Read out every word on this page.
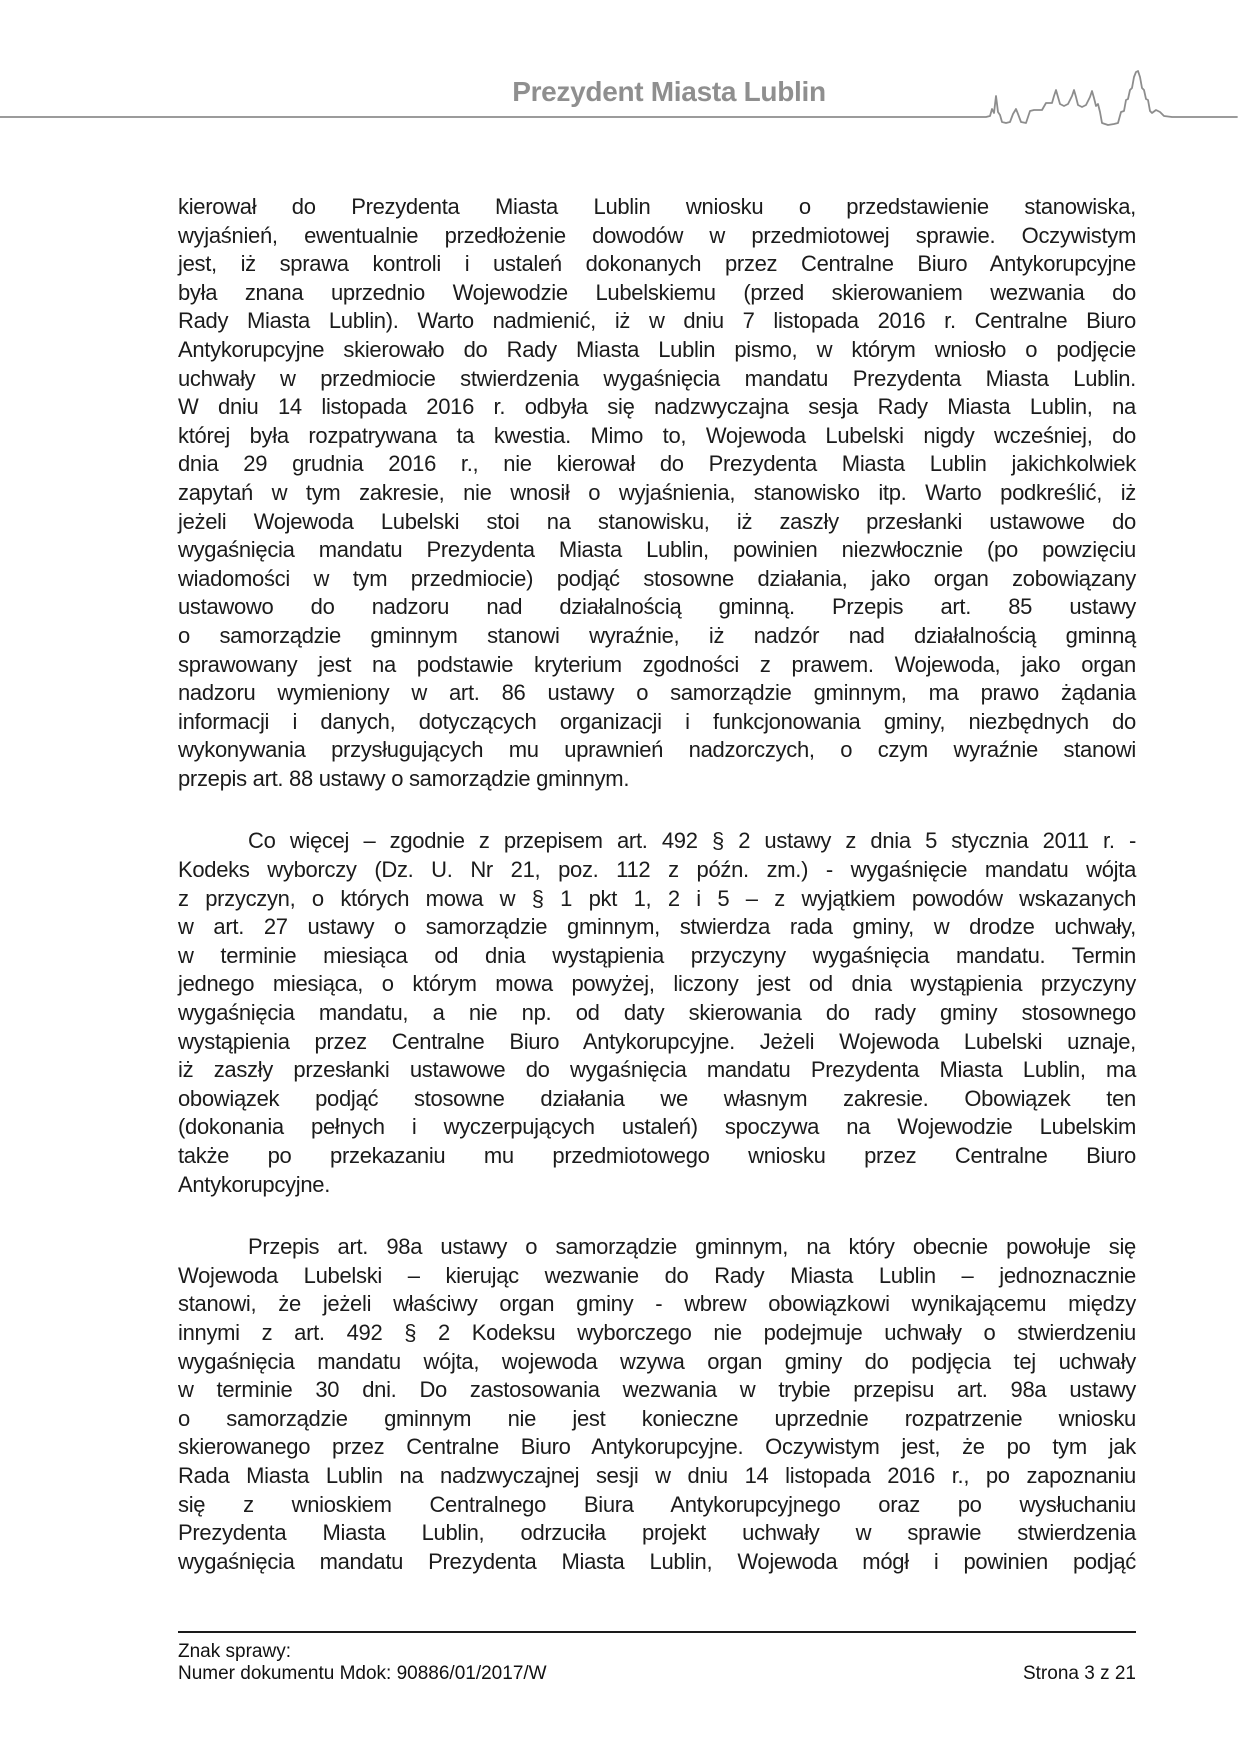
Prezydent Miasta Lublin
kierował do Prezydenta Miasta Lublin wniosku o przedstawienie stanowiska,
wyjaśnień, ewentualnie przedłożenie dowodów w przedmiotowej sprawie. Oczywistym
jest, iż sprawa kontroli i ustaleń dokonanych przez Centralne Biuro Antykorupcyjne
była znana uprzednio Wojewodzie Lubelskiemu (przed skierowaniem wezwania do
Rady Miasta Lublin). Warto nadmienić, iż w dniu 7 listopada 2016 r. Centralne Biuro
Antykorupcyjne skierowało do Rady Miasta Lublin pismo, w którym wniosło o podjęcie
uchwały w przedmiocie stwierdzenia wygaśnięcia mandatu Prezydenta Miasta Lublin.
W dniu 14 listopada 2016 r. odbyła się nadzwyczajna sesja Rady Miasta Lublin, na
której była rozpatrywana ta kwestia. Mimo to, Wojewoda Lubelski nigdy wcześniej, do
dnia 29 grudnia 2016 r., nie kierował do Prezydenta Miasta Lublin jakichkolwiek
zapytań w tym zakresie, nie wnosił o wyjaśnienia, stanowisko itp. Warto podkreślić, iż
jeżeli Wojewoda Lubelski stoi na stanowisku, iż zaszły przesłanki ustawowe do
wygaśnięcia mandatu Prezydenta Miasta Lublin, powinien niezwłocznie (po powzięciu
wiadomości w tym przedmiocie) podjąć stosowne działania, jako organ zobowiązany
ustawowo do nadzoru nad działalnością gminną. Przepis art. 85 ustawy
o samorządzie gminnym stanowi wyraźnie, iż nadzór nad działalnością gminną
sprawowany jest na podstawie kryterium zgodności z prawem. Wojewoda, jako organ
nadzoru wymieniony w art. 86 ustawy o samorządzie gminnym, ma prawo żądania
informacji i danych, dotyczących organizacji i funkcjonowania gminy, niezbędnych do
wykonywania przysługujących mu uprawnień nadzorczych, o czym wyraźnie stanowi
przepis art. 88 ustawy o samorządzie gminnym.
Co więcej – zgodnie z przepisem art. 492 § 2 ustawy z dnia 5 stycznia 2011 r. -
Kodeks wyborczy (Dz. U. Nr 21, poz. 112 z późn. zm.) - wygaśnięcie mandatu wójta
z przyczyn, o których mowa w § 1 pkt 1, 2 i 5 – z wyjątkiem powodów wskazanych
w art. 27 ustawy o samorządzie gminnym, stwierdza rada gminy, w drodze uchwały,
w terminie miesiąca od dnia wystąpienia przyczyny wygaśnięcia mandatu. Termin
jednego miesiąca, o którym mowa powyżej, liczony jest od dnia wystąpienia przyczyny
wygaśnięcia mandatu, a nie np. od daty skierowania do rady gminy stosownego
wystąpienia przez Centralne Biuro Antykorupcyjne. Jeżeli Wojewoda Lubelski uznaje,
iż zaszły przesłanki ustawowe do wygaśnięcia mandatu Prezydenta Miasta Lublin, ma
obowiązek podjąć stosowne działania we własnym zakresie. Obowiązek ten
(dokonania pełnych i wyczerpujących ustaleń) spoczywa na Wojewodzie Lubelskim
także po przekazaniu mu przedmiotowego wniosku przez Centralne Biuro
Antykorupcyjne.
Przepis art. 98a ustawy o samorządzie gminnym, na który obecnie powołuje się
Wojewoda Lubelski – kierując wezwanie do Rady Miasta Lublin – jednoznacznie
stanowi, że jeżeli właściwy organ gminy - wbrew obowiązkowi wynikającemu między
innymi z art. 492 § 2 Kodeksu wyborczego nie podejmuje uchwały o stwierdzeniu
wygaśnięcia mandatu wójta, wojewoda wzywa organ gminy do podjęcia tej uchwały
w terminie 30 dni. Do zastosowania wezwania w trybie przepisu art. 98a ustawy
o samorządzie gminnym nie jest konieczne uprzednie rozpatrzenie wniosku
skierowanego przez Centralne Biuro Antykorupcyjne. Oczywistym jest, że po tym jak
Rada Miasta Lublin na nadzwyczajnej sesji w dniu 14 listopada 2016 r., po zapoznaniu
się z wnioskiem Centralnego Biura Antykorupcyjnego oraz po wysłuchaniu
Prezydenta Miasta Lublin, odrzuciła projekt uchwały w sprawie stwierdzenia
wygaśnięcia mandatu Prezydenta Miasta Lublin, Wojewoda mógł i powinien podjąć
Znak sprawy:
Numer dokumentu Mdok: 90886/01/2017/W	Strona 3 z 21
